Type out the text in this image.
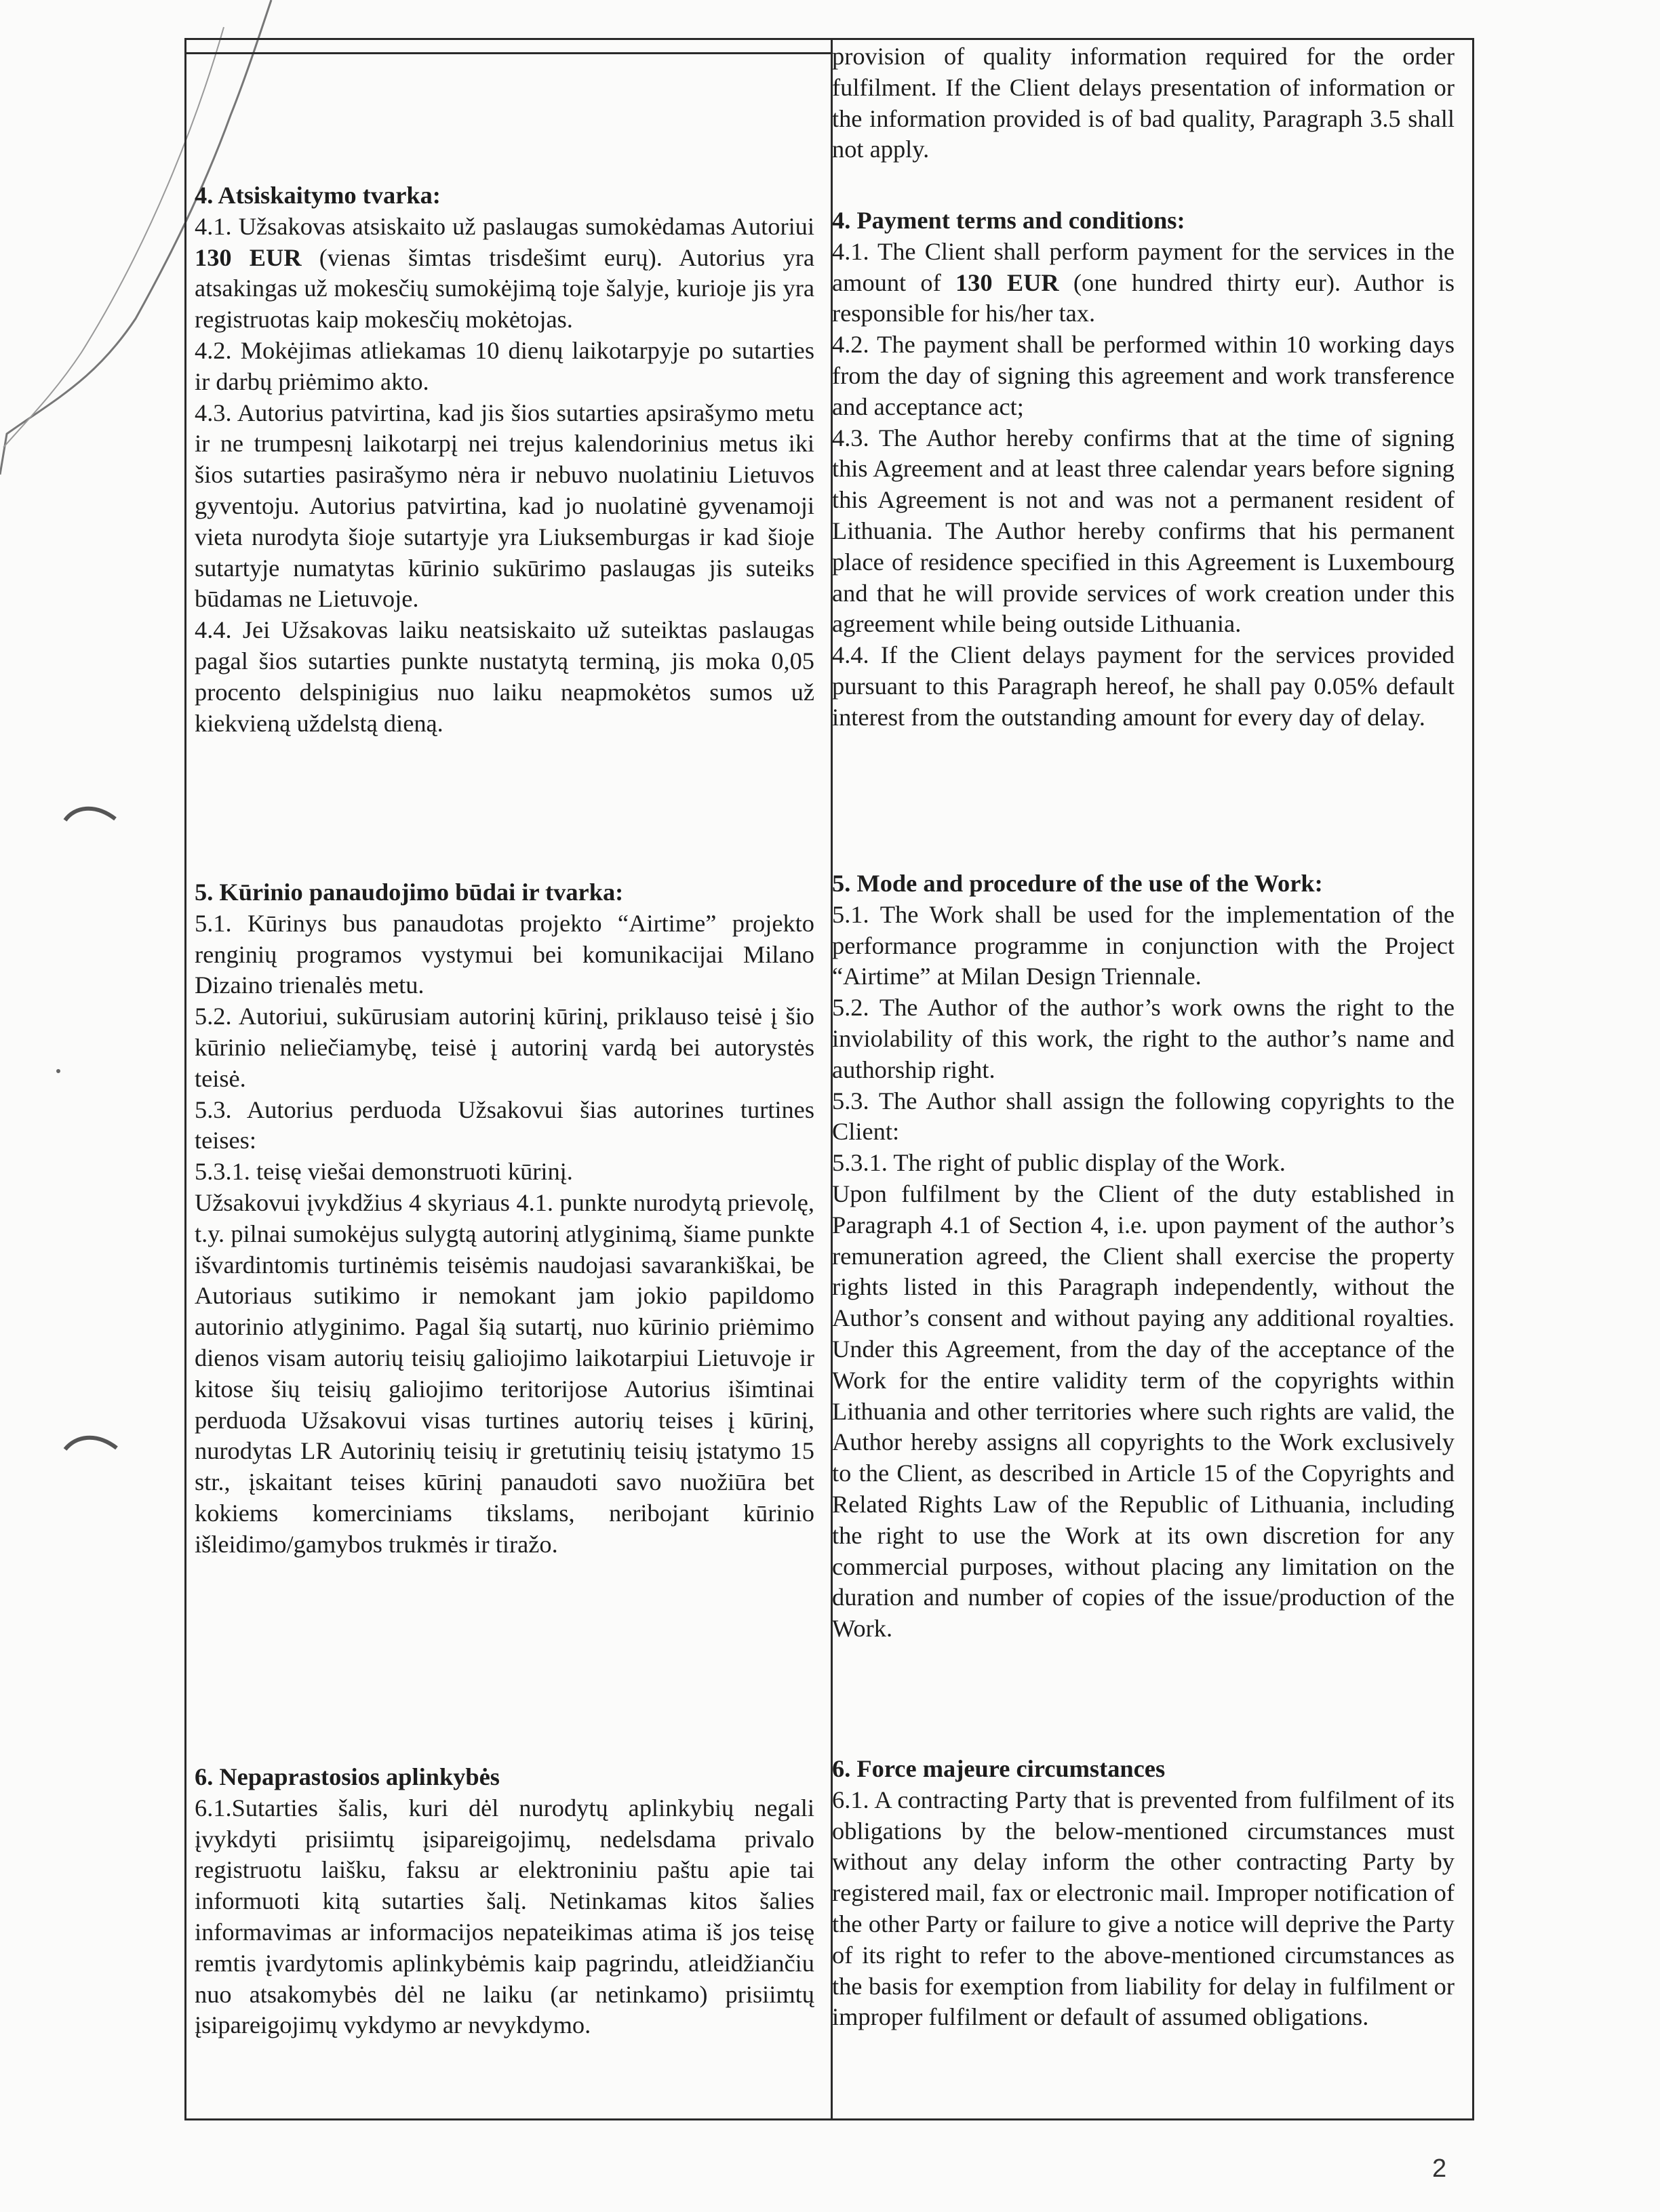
provision of quality information required for the order fulfilment. If the Client delays presentation of information or the information provided is of bad quality, Paragraph 3.5 shall not apply.

4. Atsiskaitymo tvarka:

4.1. Užsakovas atsiskaito už paslaugas sumokėdamas Autoriui 130 EUR (vienas šimtas trisdešimt eurų). Autorius yra atsakingas už mokesčių sumokėjimą toje šalyje, kurioje jis yra registruotas kaip mokesčių mokėtojas.

4.2. Mokėjimas atliekamas 10 dienų laikotarpyje po sutarties ir darbų priėmimo akto.

4.3. Autorius patvirtina, kad jis šios sutarties apsirašymo metu ir ne trumpesnį laikotarpį nei trejus kalendorinius metus iki šios sutarties pasirašymo nėra ir nebuvo nuolatiniu Lietuvos gyventoju. Autorius patvirtina, kad jo nuolatinė gyvenamoji vieta nurodyta šioje sutartyje yra Liuksemburgas ir kad šioje sutartyje numatytas kūrinio sukūrimo paslaugas jis suteiks būdamas ne Lietuvoje.

4.4. Jei Užsakovas laiku neatsiskaito už suteiktas paslaugas pagal šios sutarties punkte nustatytą terminą, jis moka 0,05 procento delspinigius nuo laiku neapmokėtos sumos už kiekvieną uždelstą dieną.

4. Payment terms and conditions:

4.1. The Client shall perform payment for the services in the amount of 130 EUR (one hundred thirty eur). Author is responsible for his/her tax.

4.2. The payment shall be performed within 10 working days from the day of signing this agreement and work transference and acceptance act;

4.3. The Author hereby confirms that at the time of signing this Agreement and at least three calendar years before signing this Agreement is not and was not a permanent resident of Lithuania. The Author hereby confirms that his permanent place of residence specified in this Agreement is Luxembourg and that he will provide services of work creation under this agreement while being outside Lithuania.

4.4. If the Client delays payment for the services provided pursuant to this Paragraph hereof, he shall pay 0.05% default interest from the outstanding amount for every day of delay.

5. Kūrinio panaudojimo būdai ir tvarka:

5.1. Kūrinys bus panaudotas projekto “Airtime” projekto renginių programos vystymui bei komunikacijai Milano Dizaino trienalės metu.

5.2. Autoriui, sukūrusiam autorinį kūrinį, priklauso teisė į šio kūrinio neliečiamybę, teisė į autorinį vardą bei autorystės teisė.

5.3. Autorius perduoda Užsakovui šias autorines turtines teises:

5.3.1. teisę viešai demonstruoti kūrinį.

Užsakovui įvykdžius 4 skyriaus 4.1. punkte nurodytą prievolę, t.y. pilnai sumokėjus sulygtą autorinį atlyginimą, šiame punkte išvardintomis turtinėmis teisėmis naudojasi savarankiškai, be Autoriaus sutikimo ir nemokant jam jokio papildomo autorinio atlyginimo. Pagal šią sutartį, nuo kūrinio priėmimo dienos visam autorių teisių galiojimo laikotarpiui Lietuvoje ir kitose šių teisių galiojimo teritorijose Autorius išimtinai perduoda Užsakovui visas turtines autorių teises į kūrinį, nurodytas LR Autorinių teisių ir gretutinių teisių įstatymo 15 str., įskaitant teises kūrinį panaudoti savo nuožiūra bet kokiems komerciniams tikslams, neribojant kūrinio išleidimo/gamybos trukmės ir tiražo.

5. Mode and procedure of the use of the Work:

5.1. The Work shall be used for the implementation of the performance programme in conjunction with the Project “Airtime” at Milan Design Triennale.

5.2. The Author of the author’s work owns the right to the inviolability of this work, the right to the author’s name and authorship right.

5.3. The Author shall assign the following copyrights to the Client:

5.3.1. The right of public display of the Work.

Upon fulfilment by the Client of the duty established in Paragraph 4.1 of Section 4, i.e. upon payment of the author’s remuneration agreed, the Client shall exercise the property rights listed in this Paragraph independently, without the Author’s consent and without paying any additional royalties. Under this Agreement, from the day of the acceptance of the Work for the entire validity term of the copyrights within Lithuania and other territories where such rights are valid, the Author hereby assigns all copyrights to the Work exclusively to the Client, as described in Article 15 of the Copyrights and Related Rights Law of the Republic of Lithuania, including the right to use the Work at its own discretion for any commercial purposes, without placing any limitation on the duration and number of copies of the issue/production of the Work.

6. Nepaprastosios aplinkybės

6.1.Sutarties šalis, kuri dėl nurodytų aplinkybių negali įvykdyti prisiimtų įsipareigojimų, nedelsdama privalo registruotu laišku, faksu ar elektroniniu paštu apie tai informuoti kitą sutarties šalį. Netinkamas kitos šalies informavimas ar informacijos nepateikimas atima iš jos teisę remtis įvardytomis aplinkybėmis kaip pagrindu, atleidžiančiu nuo atsakomybės dėl ne laiku (ar netinkamo) prisiimtų įsipareigojimų vykdymo ar nevykdymo.

6. Force majeure circumstances

6.1. A contracting Party that is prevented from fulfilment of its obligations by the below-mentioned circumstances must without any delay inform the other contracting Party by registered mail, fax or electronic mail. Improper notification of the other Party or failure to give a notice will deprive the Party of its right to refer to the above-mentioned circumstances as the basis for exemption from liability for delay in fulfilment or improper fulfilment or default of assumed obligations.

2
